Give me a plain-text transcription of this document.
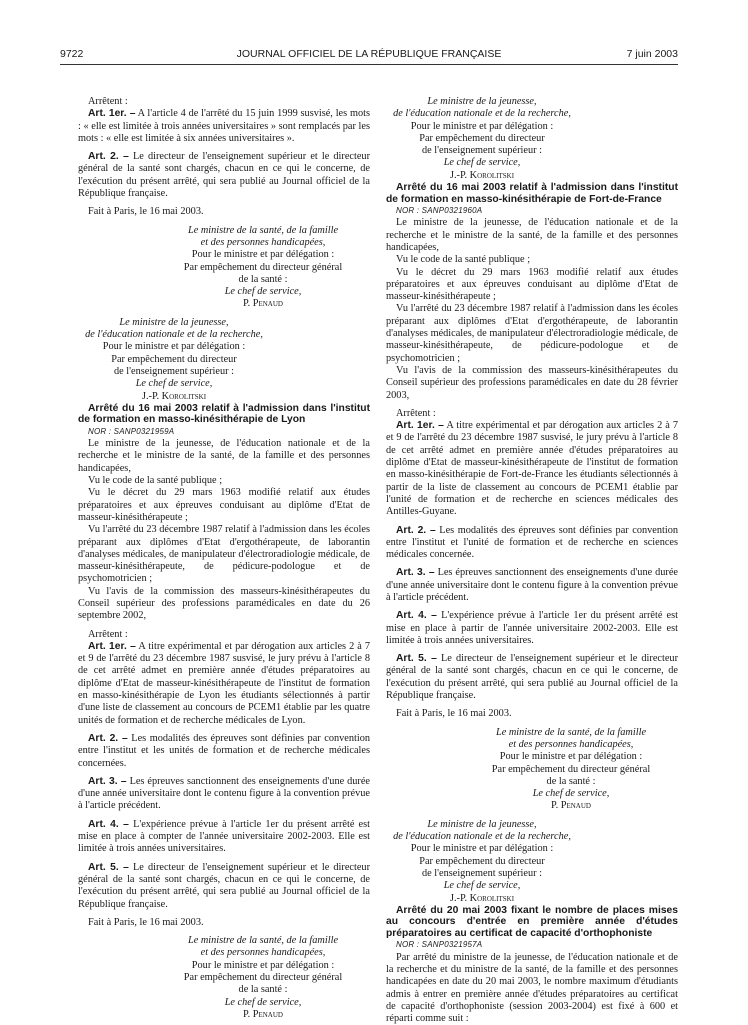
9722	JOURNAL OFFICIEL DE LA RÉPUBLIQUE FRANÇAISE	7 juin 2003

Arrêtent :

Art. 1er. – A l'article 4 de l'arrêté du 15 juin 1999 susvisé, les mots : « elle est limitée à trois années universitaires » sont remplacés par les mots : « elle est limitée à six années universitaires ».

Art. 2. – Le directeur de l'enseignement supérieur et le directeur général de la santé sont chargés, chacun en ce qui le concerne, de l'exécution du présent arrêté, qui sera publié au Journal officiel de la République française.

Fait à Paris, le 16 mai 2003.

Le ministre de la santé, de la famille
et des personnes handicapées,
Pour le ministre et par délégation :
Par empêchement du directeur général
de la santé :
Le chef de service,
P. Penaud
Le ministre de la jeunesse,
de l'éducation nationale et de la recherche,
Pour le ministre et par délégation :
Par empêchement du directeur
de l'enseignement supérieur :
Le chef de service,
J.-P. Korolitski

Arrêté du 16 mai 2003 relatif à l'admission dans l'institut de formation en masso-kinésithérapie de Lyon

NOR : SANP0321959A

Le ministre de la jeunesse, de l'éducation nationale et de la recherche et le ministre de la santé, de la famille et des personnes handicapées,

Vu le code de la santé publique ;

Vu le décret du 29 mars 1963 modifié relatif aux études préparatoires et aux épreuves conduisant au diplôme d'Etat de masseur-kinésithérapeute ;

Vu l'arrêté du 23 décembre 1987 relatif à l'admission dans les écoles préparant aux diplômes d'Etat d'ergothérapeute, de laborantin d'analyses médicales, de manipulateur d'électroradiologie médicale, de masseur-kinésithérapeute, de pédicure-podologue et de psychomotricien ;

Vu l'avis de la commission des masseurs-kinésithérapeutes du Conseil supérieur des professions paramédicales en date du 26 septembre 2002,

Arrêtent :

Art. 1er. – A titre expérimental et par dérogation aux articles 2 à 7 et 9 de l'arrêté du 23 décembre 1987 susvisé, le jury prévu à l'article 8 de cet arrêté admet en première année d'études préparatoires au diplôme d'Etat de masseur-kinésithérapeute de l'institut de formation en masso-kinésithérapie de Lyon les étudiants sélectionnés à partir d'une liste de classement au concours de PCEM1 établie par les quatre unités de formation et de recherche médicales de Lyon.

Art. 2. – Les modalités des épreuves sont définies par convention entre l'institut et les unités de formation et de recherche médicales concernées.

Art. 3. – Les épreuves sanctionnent des enseignements d'une durée d'une année universitaire dont le contenu figure à la convention prévue à l'article précédent.

Art. 4. – L'expérience prévue à l'article 1er du présent arrêté est mise en place à compter de l'année universitaire 2002-2003. Elle est limitée à trois années universitaires.

Art. 5. – Le directeur de l'enseignement supérieur et le directeur général de la santé sont chargés, chacun en ce qui le concerne, de l'exécution du présent arrêté, qui sera publié au Journal officiel de la République française.

Fait à Paris, le 16 mai 2003.

Le ministre de la santé, de la famille
et des personnes handicapées,
Pour le ministre et par délégation :
Par empêchement du directeur général
de la santé :
Le chef de service,
P. Penaud
Le ministre de la jeunesse,
de l'éducation nationale et de la recherche,
Pour le ministre et par délégation :
Par empêchement du directeur
de l'enseignement supérieur :
Le chef de service,
J.-P. Korolitski

Arrêté du 16 mai 2003 relatif à l'admission dans l'institut de formation en masso-kinésithérapie de Fort-de-France

NOR : SANP0321960A

Le ministre de la jeunesse, de l'éducation nationale et de la recherche et le ministre de la santé, de la famille et des personnes handicapées,

Vu le code de la santé publique ;

Vu le décret du 29 mars 1963 modifié relatif aux études préparatoires et aux épreuves conduisant au diplôme d'Etat de masseur-kinésithérapeute ;

Vu l'arrêté du 23 décembre 1987 relatif à l'admission dans les écoles préparant aux diplômes d'Etat d'ergothérapeute, de laborantin d'analyses médicales, de manipulateur d'électroradiologie médicale, de masseur-kinésithérapeute, de pédicure-podologue et de psychomotricien ;

Vu l'avis de la commission des masseurs-kinésithérapeutes du Conseil supérieur des professions paramédicales en date du 28 février 2003,

Arrêtent :

Art. 1er. – A titre expérimental et par dérogation aux articles 2 à 7 et 9 de l'arrêté du 23 décembre 1987 susvisé, le jury prévu à l'article 8 de cet arrêté admet en première année d'études préparatoires au diplôme d'Etat de masseur-kinésithérapeute de l'institut de formation en masso-kinésithérapie de Fort-de-France les étudiants sélectionnés à partir de la liste de classement au concours de PCEM1 établie par l'unité de formation et de recherche en sciences médicales des Antilles-Guyane.

Art. 2. – Les modalités des épreuves sont définies par convention entre l'institut et l'unité de formation et de recherche en sciences médicales concernée.

Art. 3. – Les épreuves sanctionnent des enseignements d'une durée d'une année universitaire dont le contenu figure à la convention prévue à l'article précédent.

Art. 4. – L'expérience prévue à l'article 1er du présent arrêté est mise en place à partir de l'année universitaire 2002-2003. Elle est limitée à trois années universitaires.

Art. 5. – Le directeur de l'enseignement supérieur et le directeur général de la santé sont chargés, chacun en ce qui le concerne, de l'exécution du présent arrêté, qui sera publié au Journal officiel de la République française.

Fait à Paris, le 16 mai 2003.

Le ministre de la santé, de la famille
et des personnes handicapées,
Pour le ministre et par délégation :
Par empêchement du directeur général
de la santé :
Le chef de service,
P. Penaud
Le ministre de la jeunesse,
de l'éducation nationale et de la recherche,
Pour le ministre et par délégation :
Par empêchement du directeur
de l'enseignement supérieur :
Le chef de service,
J.-P. Korolitski

Arrêté du 20 mai 2003 fixant le nombre de places mises au concours d'entrée en première année d'études préparatoires au certificat de capacité d'orthophoniste

NOR : SANP0321957A

Par arrêté du ministre de la jeunesse, de l'éducation nationale et de la recherche et du ministre de la santé, de la famille et des personnes handicapées en date du 20 mai 2003, le nombre maximum d'étudiants admis à entrer en première année d'études préparatoires au certificat de capacité d'orthophoniste (session 2003-2004) est fixé à 600 et réparti comme suit :
